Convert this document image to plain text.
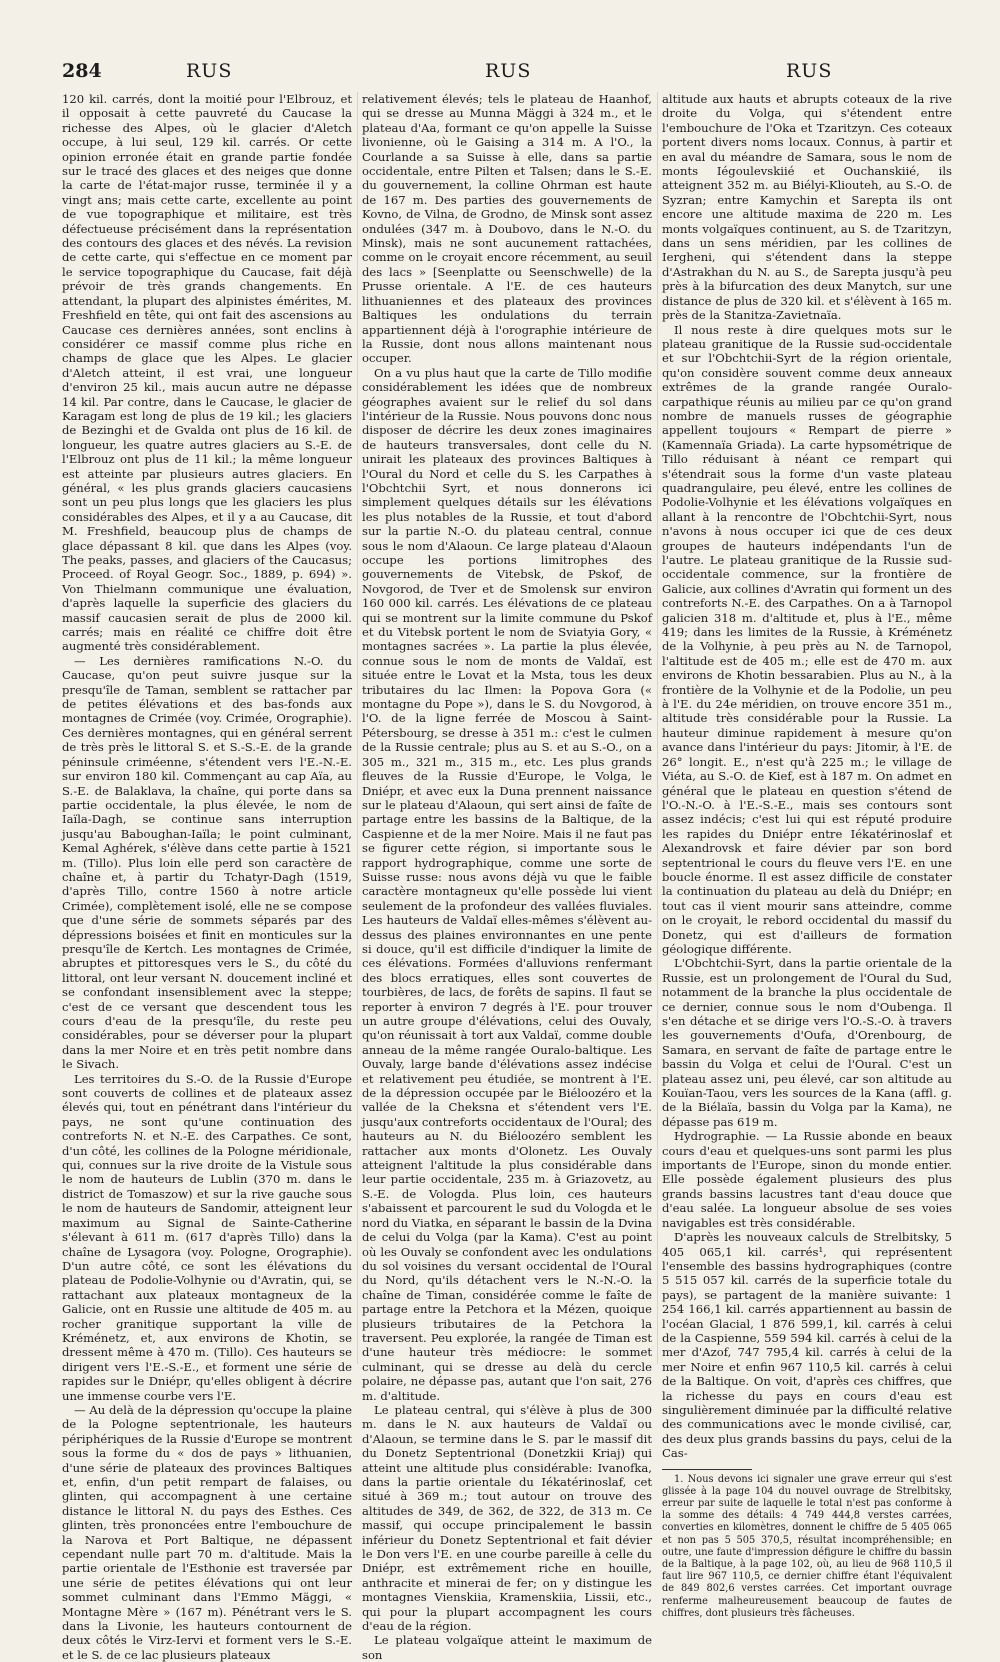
284	RUS	RUS	RUS

120 kil. carrés, dont la moitié pour l'Elbrouz, et il opposait à cette pauvreté du Caucase la richesse des Alpes, où le glacier d'Aletch occupe, à lui seul, 129 kil. carrés. Or cette opinion erronée était en grande partie fondée sur le tracé des glaces et des neiges que donne la carte de l'état-major russe, terminée il y a vingt ans; mais cette carte, excellente au point de vue topographique et militaire, est très défectueuse précisément dans la représentation des contours des glaces et des névés. La revision de cette carte, qui s'effectue en ce moment par le service topographique du Caucase, fait déjà prévoir de très grands changements. En attendant, la plupart des alpinistes émérites, M. Freshfield en tête, qui ont fait des ascensions au Caucase ces dernières années, sont enclins à considérer ce massif comme plus riche en champs de glace que les Alpes. Le glacier d'Aletch atteint, il est vrai, une longueur d'environ 25 kil., mais aucun autre ne dépasse 14 kil. Par contre, dans le Caucase, le glacier de Karagam est long de plus de 19 kil.; les glaciers de Bezinghi et de Gvalda ont plus de 16 kil. de longueur, les quatre autres glaciers au S.-E. de l'Elbrouz ont plus de 11 kil.; la même longueur est atteinte par plusieurs autres glaciers. En général, « les plus grands glaciers caucasiens sont un peu plus longs que les glaciers les plus considérables des Alpes, et il y a au Caucase, dit M. Freshfield, beaucoup plus de champs de glace dépassant 8 kil. que dans les Alpes (voy. The peaks, passes, and glaciers of the Caucasus; Proceed. of Royal Geogr. Soc., 1889, p. 694) ». Von Thielmann communique une évaluation, d'après laquelle la superficie des glaciers du massif caucasien serait de plus de 2000 kil. carrés; mais en réalité ce chiffre doit être augmenté très considérablement.

— Les dernières ramifications N.-O. du Caucase, qu'on peut suivre jusque sur la presqu'île de Taman, semblent se rattacher par de petites élévations et des bas-fonds aux montagnes de Crimée (voy. Crimée, Orographie). Ces dernières montagnes, qui en général serrent de très près le littoral S. et S.-S.-E. de la grande péninsule criméenne, s'étendent vers l'E.-N.-E. sur environ 180 kil. Commençant au cap Aïa, au S.-E. de Balaklava, la chaîne, qui porte dans sa partie occidentale, la plus élevée, le nom de Iaïla-Dagh, se continue sans interruption jusqu'au Baboughan-Iaïla; le point culminant, Kemal Aghérek, s'élève dans cette partie à 1521 m. (Tillo). Plus loin elle perd son caractère de chaîne et, à partir du Tchatyr-Dagh (1519, d'après Tillo, contre 1560 à notre article Crimée), complètement isolé, elle ne se compose que d'une série de sommets séparés par des dépressions boisées et finit en monticules sur la presqu'île de Kertch. Les montagnes de Crimée, abruptes et pittoresques vers le S., du côté du littoral, ont leur versant N. doucement incliné et se confondant insensiblement avec la steppe; c'est de ce versant que descendent tous les cours d'eau de la presqu'île, du reste peu considérables, pour se déverser pour la plupart dans la mer Noire et en très petit nombre dans le Sivach.

Les territoires du S.-O. de la Russie d'Europe sont couverts de collines et de plateaux assez élevés qui, tout en pénétrant dans l'intérieur du pays, ne sont qu'une continuation des contreforts N. et N.-E. des Carpathes. Ce sont, d'un côté, les collines de la Pologne méridionale, qui, connues sur la rive droite de la Vistule sous le nom de hauteurs de Lublin (370 m. dans le district de Tomaszow) et sur la rive gauche sous le nom de hauteurs de Sandomir, atteignent leur maximum au Signal de Sainte-Catherine s'élevant à 611 m. (617 d'après Tillo) dans la chaîne de Lysagora (voy. Pologne, Orographie). D'un autre côté, ce sont les élévations du plateau de Podolie-Volhynie ou d'Avratin, qui, se rattachant aux plateaux montagneux de la Galicie, ont en Russie une altitude de 405 m. au rocher granitique supportant la ville de Kréménetz, et, aux environs de Khotin, se dressent même à 470 m. (Tillo). Ces hauteurs se dirigent vers l'E.-S.-E., et forment une série de rapides sur le Dniépr, qu'elles obligent à décrire une immense courbe vers l'E.

— Au delà de la dépression qu'occupe la plaine de la Pologne septentrionale, les hauteurs périphériques de la Russie d'Europe se montrent sous la forme du « dos de pays » lithuanien, d'une série de plateaux des provinces Baltiques et, enfin, d'un petit rempart de falaises, ou glinten, qui accompagnent à une certaine distance le littoral N. du pays des Esthes. Ces glinten, très prononcées entre l'embouchure de la Narova et Port Baltique, ne dépassent cependant nulle part 70 m. d'altitude. Mais la partie orientale de l'Esthonie est traversée par une série de petites élévations qui ont leur sommet culminant dans l'Emmo Mäggi, « Montagne Mère » (167 m). Pénétrant vers le S. dans la Livonie, les hauteurs contournent de deux côtés le Virz-Iervi et forment vers le S.-E. et le S. de ce lac plusieurs plateaux

relativement élevés; tels le plateau de Haanhof, qui se dresse au Munna Mäggi à 324 m., et le plateau d'Aa, formant ce qu'on appelle la Suisse livonienne, où le Gaising a 314 m. A l'O., la Courlande a sa Suisse à elle, dans sa partie occidentale, entre Pilten et Talsen; dans le S.-E. du gouvernement, la colline Ohrman est haute de 167 m. Des parties des gouvernements de Kovno, de Vilna, de Grodno, de Minsk sont assez ondulées (347 m. à Doubovo, dans le N.-O. du Minsk), mais ne sont aucunement rattachées, comme on le croyait encore récemment, au seuil des lacs » [Seenplatte ou Seenschwelle) de la Prusse orientale. A l'E. de ces hauteurs lithuaniennes et des plateaux des provinces Baltiques les ondulations du terrain appartiennent déjà à l'orographie intérieure de la Russie, dont nous allons maintenant nous occuper.

On a vu plus haut que la carte de Tillo modifie considérablement les idées que de nombreux géographes avaient sur le relief du sol dans l'intérieur de la Russie. Nous pouvons donc nous disposer de décrire les deux zones imaginaires de hauteurs transversales, dont celle du N. unirait les plateaux des provinces Baltiques à l'Oural du Nord et celle du S. les Carpathes à l'Obchtchii Syrt, et nous donnerons ici simplement quelques détails sur les élévations les plus notables de la Russie, et tout d'abord sur la partie N.-O. du plateau central, connue sous le nom d'Alaoun. Ce large plateau d'Alaoun occupe les portions limitrophes des gouvernements de Vitebsk, de Pskof, de Novgorod, de Tver et de Smolensk sur environ 160 000 kil. carrés. Les élévations de ce plateau qui se montrent sur la limite commune du Pskof et du Vitebsk portent le nom de Sviatyia Gory, « montagnes sacrées ». La partie la plus élevée, connue sous le nom de monts de Valdaï, est située entre le Lovat et la Msta, tous les deux tributaires du lac Ilmen: la Popova Gora (« montagne du Pope »), dans le S. du Novgorod, à l'O. de la ligne ferrée de Moscou à Saint-Pétersbourg, se dresse à 351 m.: c'est le culmen de la Russie centrale; plus au S. et au S.-O., on a 305 m., 321 m., 315 m., etc. Les plus grands fleuves de la Russie d'Europe, le Volga, le Dniépr, et avec eux la Duna prennent naissance sur le plateau d'Alaoun, qui sert ainsi de faîte de partage entre les bassins de la Baltique, de la Caspienne et de la mer Noire. Mais il ne faut pas se figurer cette région, si importante sous le rapport hydrographique, comme une sorte de Suisse russe: nous avons déjà vu que le faible caractère montagneux qu'elle possède lui vient seulement de la profondeur des vallées fluviales. Les hauteurs de Valdaï elles-mêmes s'élèvent au-dessus des plaines environnantes en une pente si douce, qu'il est difficile d'indiquer la limite de ces élévations. Formées d'alluvions renfermant des blocs erratiques, elles sont couvertes de tourbières, de lacs, de forêts de sapins. Il faut se reporter à environ 7 degrés à l'E. pour trouver un autre groupe d'élévations, celui des Ouvaly, qu'on réunissait à tort aux Valdaï, comme double anneau de la même rangée Ouralo-baltique. Les Ouvaly, large bande d'élévations assez indécise et relativement peu étudiée, se montrent à l'E. de la dépression occupée par le Biéloozéro et la vallée de la Cheksna et s'étendent vers l'E. jusqu'aux contreforts occidentaux de l'Oural; des hauteurs au N. du Biéloozéro semblent les rattacher aux monts d'Olonetz. Les Ouvaly atteignent l'altitude la plus considérable dans leur partie occidentale, 235 m. à Griazovetz, au S.-E. de Vologda. Plus loin, ces hauteurs s'abaissent et parcourent le sud du Vologda et le nord du Viatka, en séparant le bassin de la Dvina de celui du Volga (par la Kama). C'est au point où les Ouvaly se confondent avec les ondulations du sol voisines du versant occidental de l'Oural du Nord, qu'ils détachent vers le N.-N.-O. la chaîne de Timan, considérée comme le faîte de partage entre la Petchora et la Mézen, quoique plusieurs tributaires de la Petchora la traversent. Peu explorée, la rangée de Timan est d'une hauteur très médiocre: le sommet culminant, qui se dresse au delà du cercle polaire, ne dépasse pas, autant que l'on sait, 276 m. d'altitude.

Le plateau central, qui s'élève à plus de 300 m. dans le N. aux hauteurs de Valdaï ou d'Alaoun, se termine dans le S. par le massif dit du Donetz Septentrional (Donetzkii Kriaj) qui atteint une altitude plus considérable: Ivanofka, dans la partie orientale du Iékatérinoslaf, cet situé à 369 m.; tout autour on trouve des altitudes de 349, de 362, de 322, de 313 m. Ce massif, qui occupe principalement le bassin inférieur du Donetz Septentrional et fait dévier le Don vers l'E. en une courbe pareille à celle du Dniépr, est extrêmement riche en houille, anthracite et minerai de fer; on y distingue les montagnes Vienskiia, Kramenskiia, Lissii, etc., qui pour la plupart accompagnent les cours d'eau de la région.

Le plateau volgaïque atteint le maximum de son

altitude aux hauts et abrupts coteaux de la rive droite du Volga, qui s'étendent entre l'embouchure de l'Oka et Tzaritzyn. Ces coteaux portent divers noms locaux. Connus, à partir et en aval du méandre de Samara, sous le nom de monts Iégoulevskiié et Ouchanskiié, ils atteignent 352 m. au Biélyi-Kliouteh, au S.-O. de Syzran; entre Kamychin et Sarepta ils ont encore une altitude maxima de 220 m. Les monts volgaïques continuent, au S. de Tzaritzyn, dans un sens méridien, par les collines de Iergheni, qui s'étendent dans la steppe d'Astrakhan du N. au S., de Sarepta jusqu'à peu près à la bifurcation des deux Manytch, sur une distance de plus de 320 kil. et s'élèvent à 165 m. près de la Stanitza-Zavietnaïa.

Il nous reste à dire quelques mots sur le plateau granitique de la Russie sud-occidentale et sur l'Obchtchii-Syrt de la région orientale, qu'on considère souvent comme deux anneaux extrêmes de la grande rangée Ouralo-carpathique réunis au milieu par ce qu'on grand nombre de manuels russes de géographie appellent toujours « Rempart de pierre » (Kamennaïa Griada). La carte hypsométrique de Tillo réduisant à néant ce rempart qui s'étendrait sous la forme d'un vaste plateau quadrangulaire, peu élevé, entre les collines de Podolie-Volhynie et les élévations volgaïques en allant à la rencontre de l'Obchtchii-Syrt, nous n'avons à nous occuper ici que de ces deux groupes de hauteurs indépendants l'un de l'autre. Le plateau granitique de la Russie sud-occidentale commence, sur la frontière de Galicie, aux collines d'Avratin qui forment un des contreforts N.-E. des Carpathes. On a à Tarnopol galicien 318 m. d'altitude et, plus à l'E., même 419; dans les limites de la Russie, à Kréménetz de la Volhynie, à peu près au N. de Tarnopol, l'altitude est de 405 m.; elle est de 470 m. aux environs de Khotin bessarabien. Plus au N., à la frontière de la Volhynie et de la Podolie, un peu à l'E. du 24e méridien, on trouve encore 351 m., altitude très considérable pour la Russie. La hauteur diminue rapidement à mesure qu'on avance dans l'intérieur du pays: Jitomir, à l'E. de 26° longit. E., n'est qu'à 225 m.; le village de Viéta, au S.-O. de Kief, est à 187 m. On admet en général que le plateau en question s'étend de l'O.-N.-O. à l'E.-S.-E., mais ses contours sont assez indécis; c'est lui qui est réputé produire les rapides du Dniépr entre Iékatérinoslaf et Alexandrovsk et faire dévier par son bord septentrional le cours du fleuve vers l'E. en une boucle énorme. Il est assez difficile de constater la continuation du plateau au delà du Dniépr; en tout cas il vient mourir sans atteindre, comme on le croyait, le rebord occidental du massif du Donetz, qui est d'ailleurs de formation géologique différente.

L'Obchtchii-Syrt, dans la partie orientale de la Russie, est un prolongement de l'Oural du Sud, notamment de la branche la plus occidentale de ce dernier, connue sous le nom d'Oubenga. Il s'en détache et se dirige vers l'O.-S.-O. à travers les gouvernements d'Oufa, d'Orenbourg, de Samara, en servant de faîte de partage entre le bassin du Volga et celui de l'Oural. C'est un plateau assez uni, peu élevé, car son altitude au Kouïan-Taou, vers les sources de la Kana (affl. g. de la Biélaïa, bassin du Volga par la Kama), ne dépasse pas 619 m.

Hydrographie. — La Russie abonde en beaux cours d'eau et quelques-uns sont parmi les plus importants de l'Europe, sinon du monde entier. Elle possède également plusieurs des plus grands bassins lacustres tant d'eau douce que d'eau salée. La longueur absolue de ses voies navigables est très considérable.

D'après les nouveaux calculs de Strelbitsky, 5 405 065,1 kil. carrés¹, qui représentent l'ensemble des bassins hydrographiques (contre 5 515 057 kil. carrés de la superficie totale du pays), se partagent de la manière suivante: 1 254 166,1 kil. carrés appartiennent au bassin de l'océan Glacial, 1 876 599,1, kil. carrés à celui de la Caspienne, 559 594 kil. carrés à celui de la mer d'Azof, 747 795,4 kil. carrés à celui de la mer Noire et enfin 967 110,5 kil. carrés à celui de la Baltique. On voit, d'après ces chiffres, que la richesse du pays en cours d'eau est singulièrement diminuée par la difficulté relative des communications avec le monde civilisé, car, des deux plus grands bassins du pays, celui de la Cas-

1. Nous devons ici signaler une grave erreur qui s'est glissée à la page 104 du nouvel ouvrage de Strelbitsky, erreur par suite de laquelle le total n'est pas conforme à la somme des détails: 4 749 444,8 verstes carrées, converties en kilomètres, donnent le chiffre de 5 405 065 et non pas 5 505 370,5, résultat incompréhensible; en outre, une faute d'impression défigure le chiffre du bassin de la Baltique, à la page 102, où, au lieu de 968 110,5 il faut lire 967 110,5, ce dernier chiffre étant l'équivalent de 849 802,6 verstes carrées. Cet important ouvrage renferme malheureusement beaucoup de fautes de chiffres, dont plusieurs très fâcheuses.
